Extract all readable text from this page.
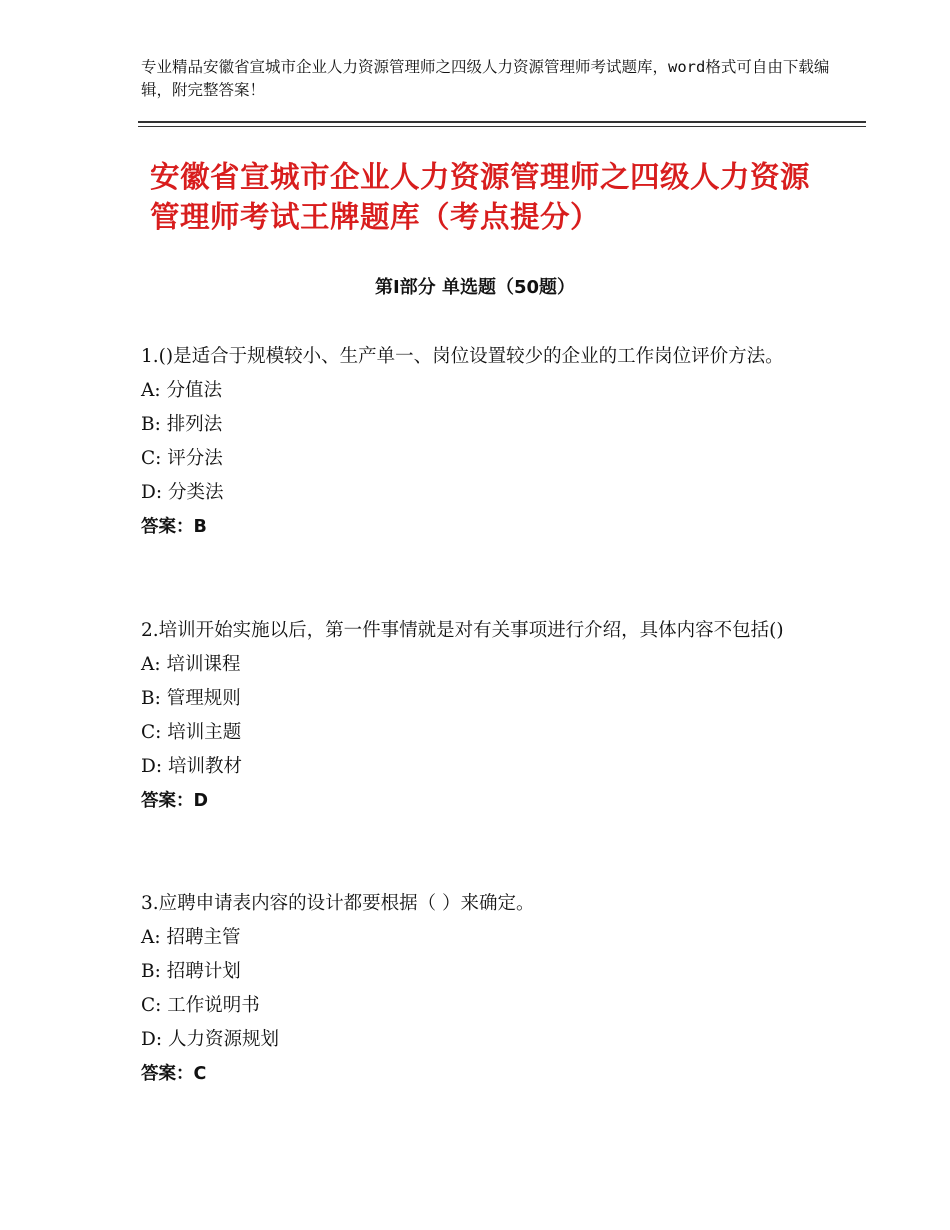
专业精品安徽省宣城市企业人力资源管理师之四级人力资源管理师考试题库，word格式可自由下载编辑，附完整答案！
安徽省宣城市企业人力资源管理师之四级人力资源管理师考试王牌题库（考点提分）
第Ⅰ部分 单选题（50题）
1.()是适合于规模较小、生产单一、岗位设置较少的企业的工作岗位评价方法。
A: 分值法
B: 排列法
C: 评分法
D: 分类法
答案：B
2.培训开始实施以后，第一件事情就是对有关事项进行介绍，具体内容不包括()
A: 培训课程
B: 管理规则
C: 培训主题
D: 培训教材
答案：D
3.应聘申请表内容的设计都要根据（ ）来确定。
A: 招聘主管
B: 招聘计划
C: 工作说明书
D: 人力资源规划
答案：C
